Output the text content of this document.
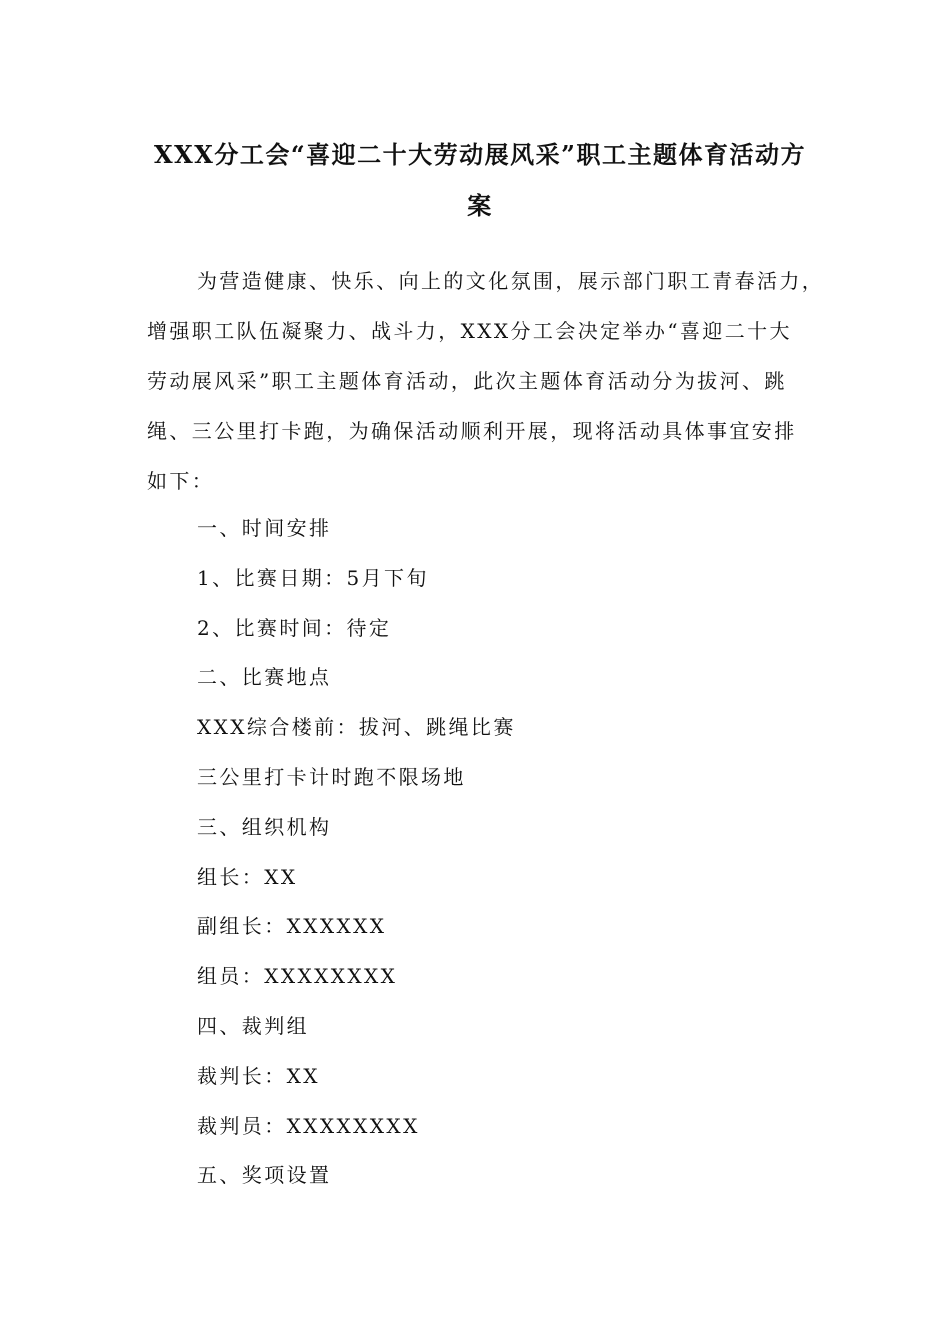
XXX分工会“喜迎二十大劳动展风采”职工主题体育活动方
案
为营造健康、快乐、向上的文化氛围，展示部门职工青春活力，
增强职工队伍凝聚力、战斗力，XXX分工会决定举办“喜迎二十大
劳动展风采”职工主题体育活动，此次主题体育活动分为拔河、跳
绳、三公里打卡跑，为确保活动顺利开展，现将活动具体事宜安排
如下：
一、时间安排
1、比赛日期：5月下旬
2、比赛时间：待定
二、比赛地点
XXX综合楼前：拔河、跳绳比赛
三公里打卡计时跑不限场地
三、组织机构
组长：XX
副组长：XXXXXX
组员：XXXXXXXX
四、裁判组
裁判长：XX
裁判员：XXXXXXXX
五、奖项设置
